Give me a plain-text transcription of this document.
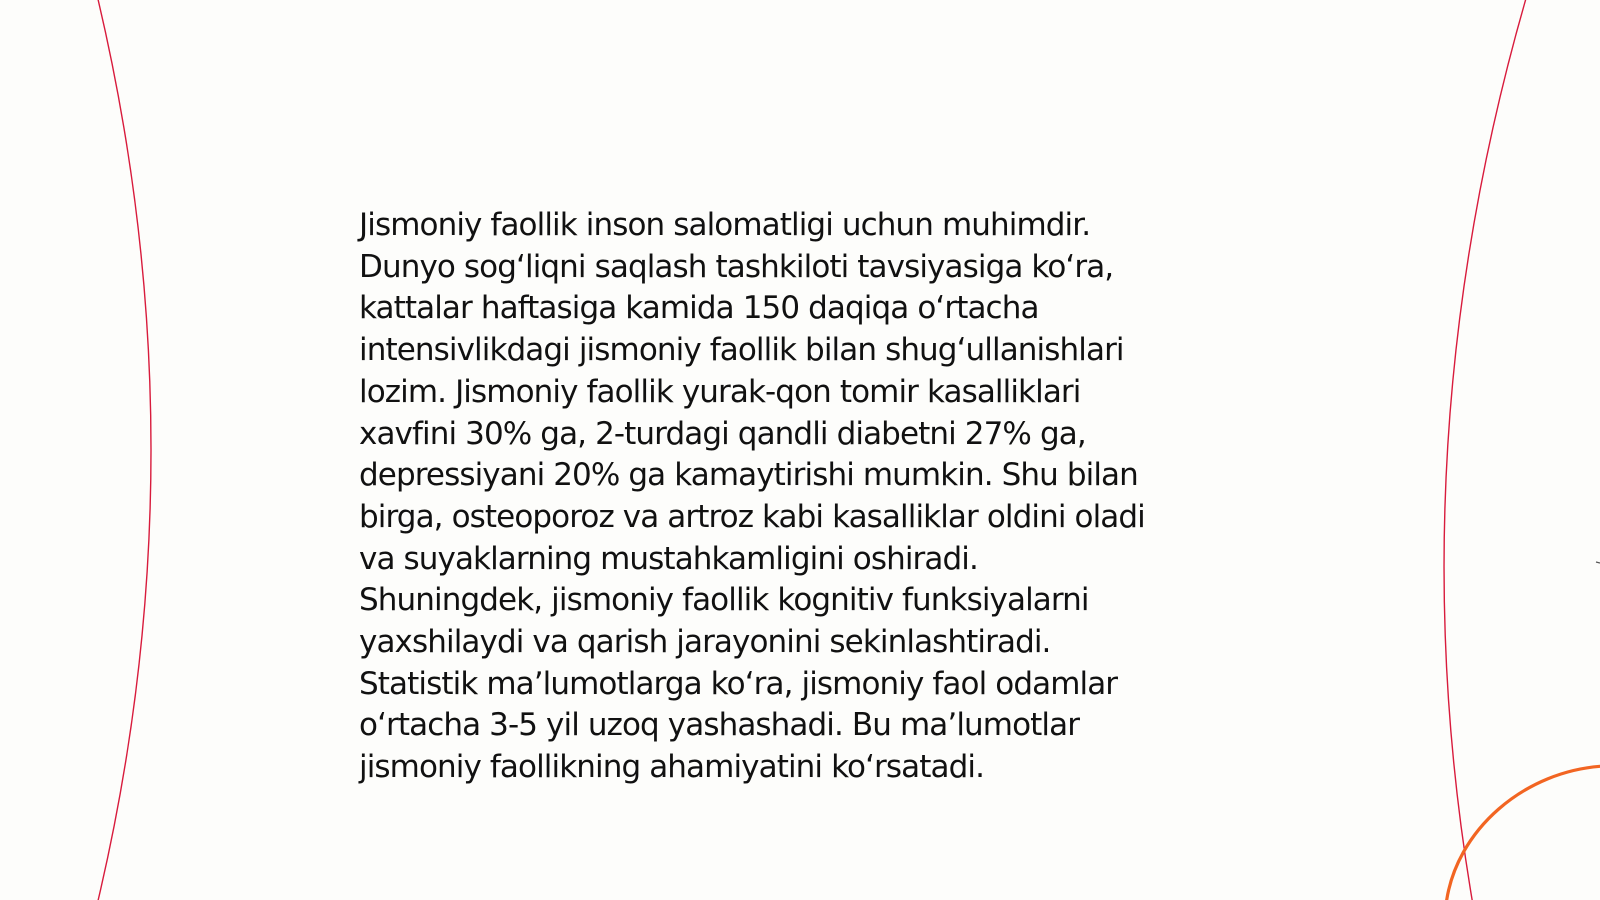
Jismoniy faollik inson salomatligi uchun muhimdir.
Dunyo sog‘liqni saqlash tashkiloti tavsiyasiga ko‘ra,
kattalar haftasiga kamida 150 daqiqa o‘rtacha
intensivlikdagi jismoniy faollik bilan shug‘ullanishlari
lozim. Jismoniy faollik yurak-qon tomir kasalliklari
xavfini 30% ga, 2-turdagi qandli diabetni 27% ga,
depressiyani 20% ga kamaytirishi mumkin. Shu bilan
birga, osteoporoz va artroz kabi kasalliklar oldini oladi
va suyaklarning mustahkamligini oshiradi.
Shuningdek, jismoniy faollik kognitiv funksiyalarni
yaxshilaydi va qarish jarayonini sekinlashtiradi.
Statistik ma’lumotlarga ko‘ra, jismoniy faol odamlar
o‘rtacha 3-5 yil uzoq yashashadi. Bu ma’lumotlar
jismoniy faollikning ahamiyatini ko‘rsatadi.
